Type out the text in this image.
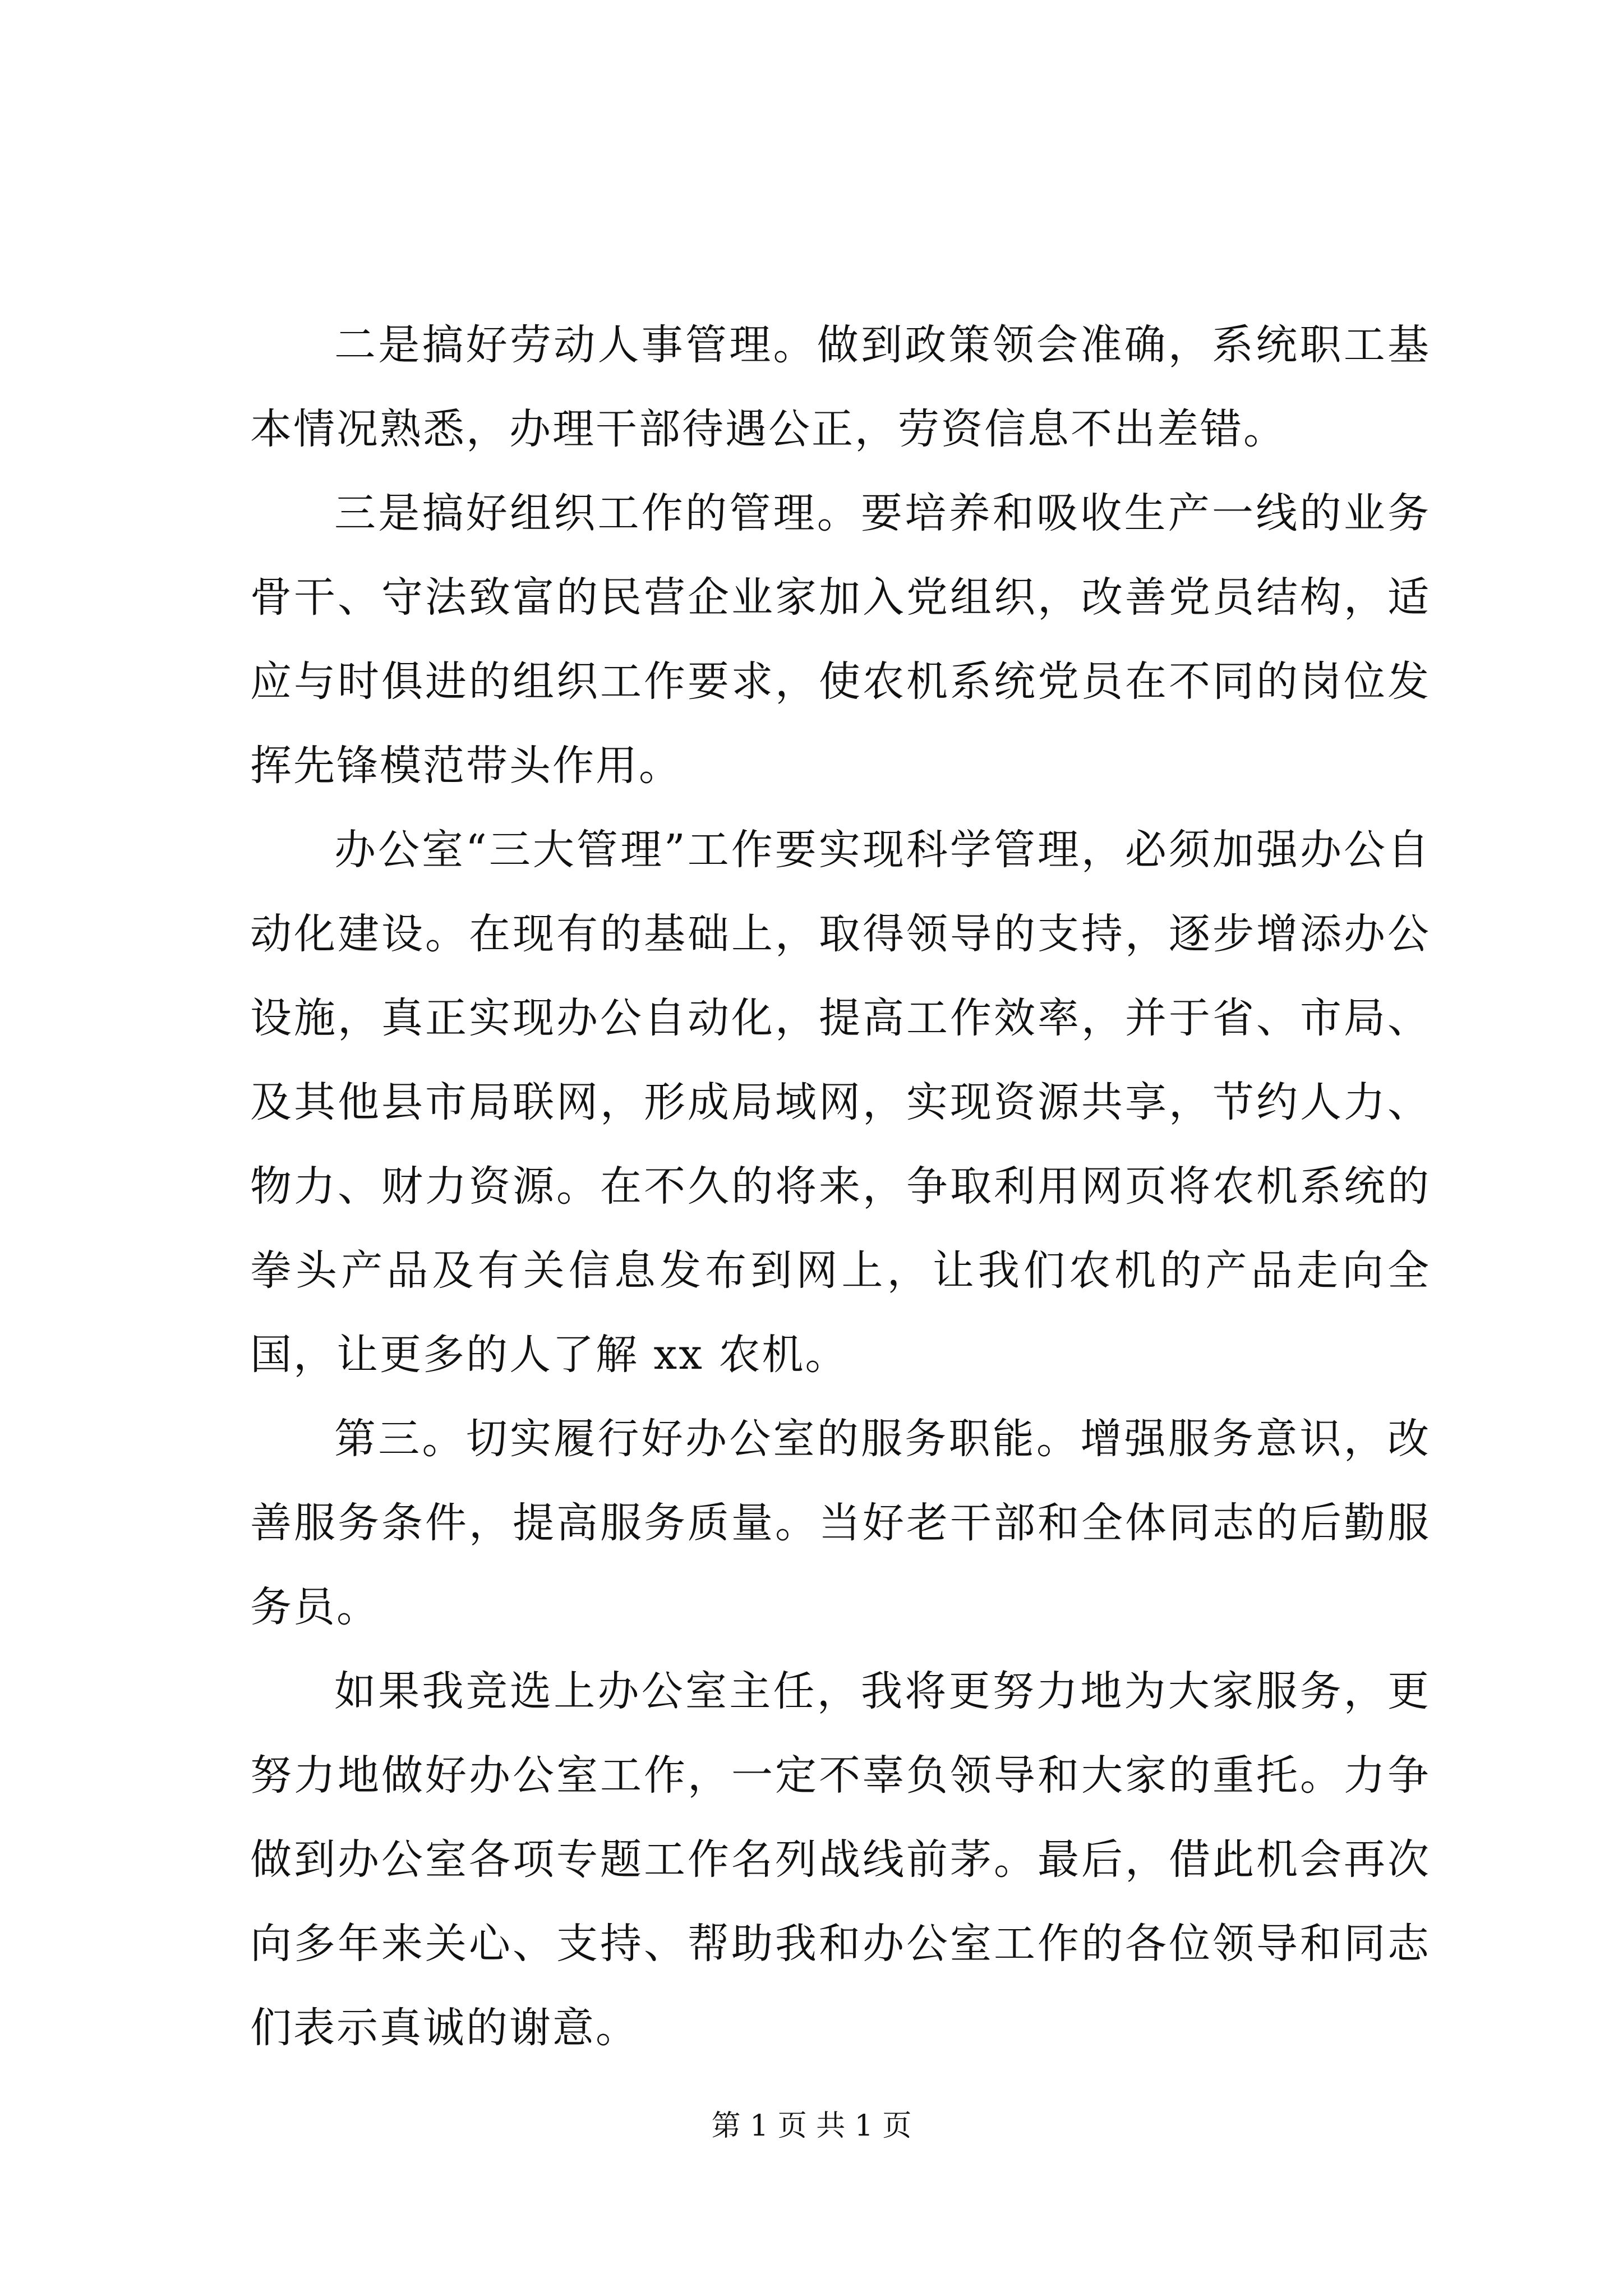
二是搞好劳动人事管理。做到政策领会准确，系统职工基本情况熟悉，办理干部待遇公正，劳资信息不出差错。

三是搞好组织工作的管理。要培养和吸收生产一线的业务骨干、守法致富的民营企业家加入党组织，改善党员结构，适应与时俱进的组织工作要求，使农机系统党员在不同的岗位发挥先锋模范带头作用。

办公室“三大管理”工作要实现科学管理，必须加强办公自动化建设。在现有的基础上，取得领导的支持，逐步增添办公设施，真正实现办公自动化，提高工作效率，并于省、市局、及其他县市局联网，形成局域网，实现资源共享，节约人力、物力、财力资源。在不久的将来，争取利用网页将农机系统的拳头产品及有关信息发布到网上，让我们农机的产品走向全国，让更多的人了解 xx 农机。

第三。切实履行好办公室的服务职能。增强服务意识，改善服务条件，提高服务质量。当好老干部和全体同志的后勤服务员。

如果我竞选上办公室主任，我将更努力地为大家服务，更努力地做好办公室工作，一定不辜负领导和大家的重托。力争做到办公室各项专题工作名列战线前茅。最后，借此机会再次向多年来关心、支持、帮助我和办公室工作的各位领导和同志们表示真诚的谢意。

第 1 页 共 1 页
